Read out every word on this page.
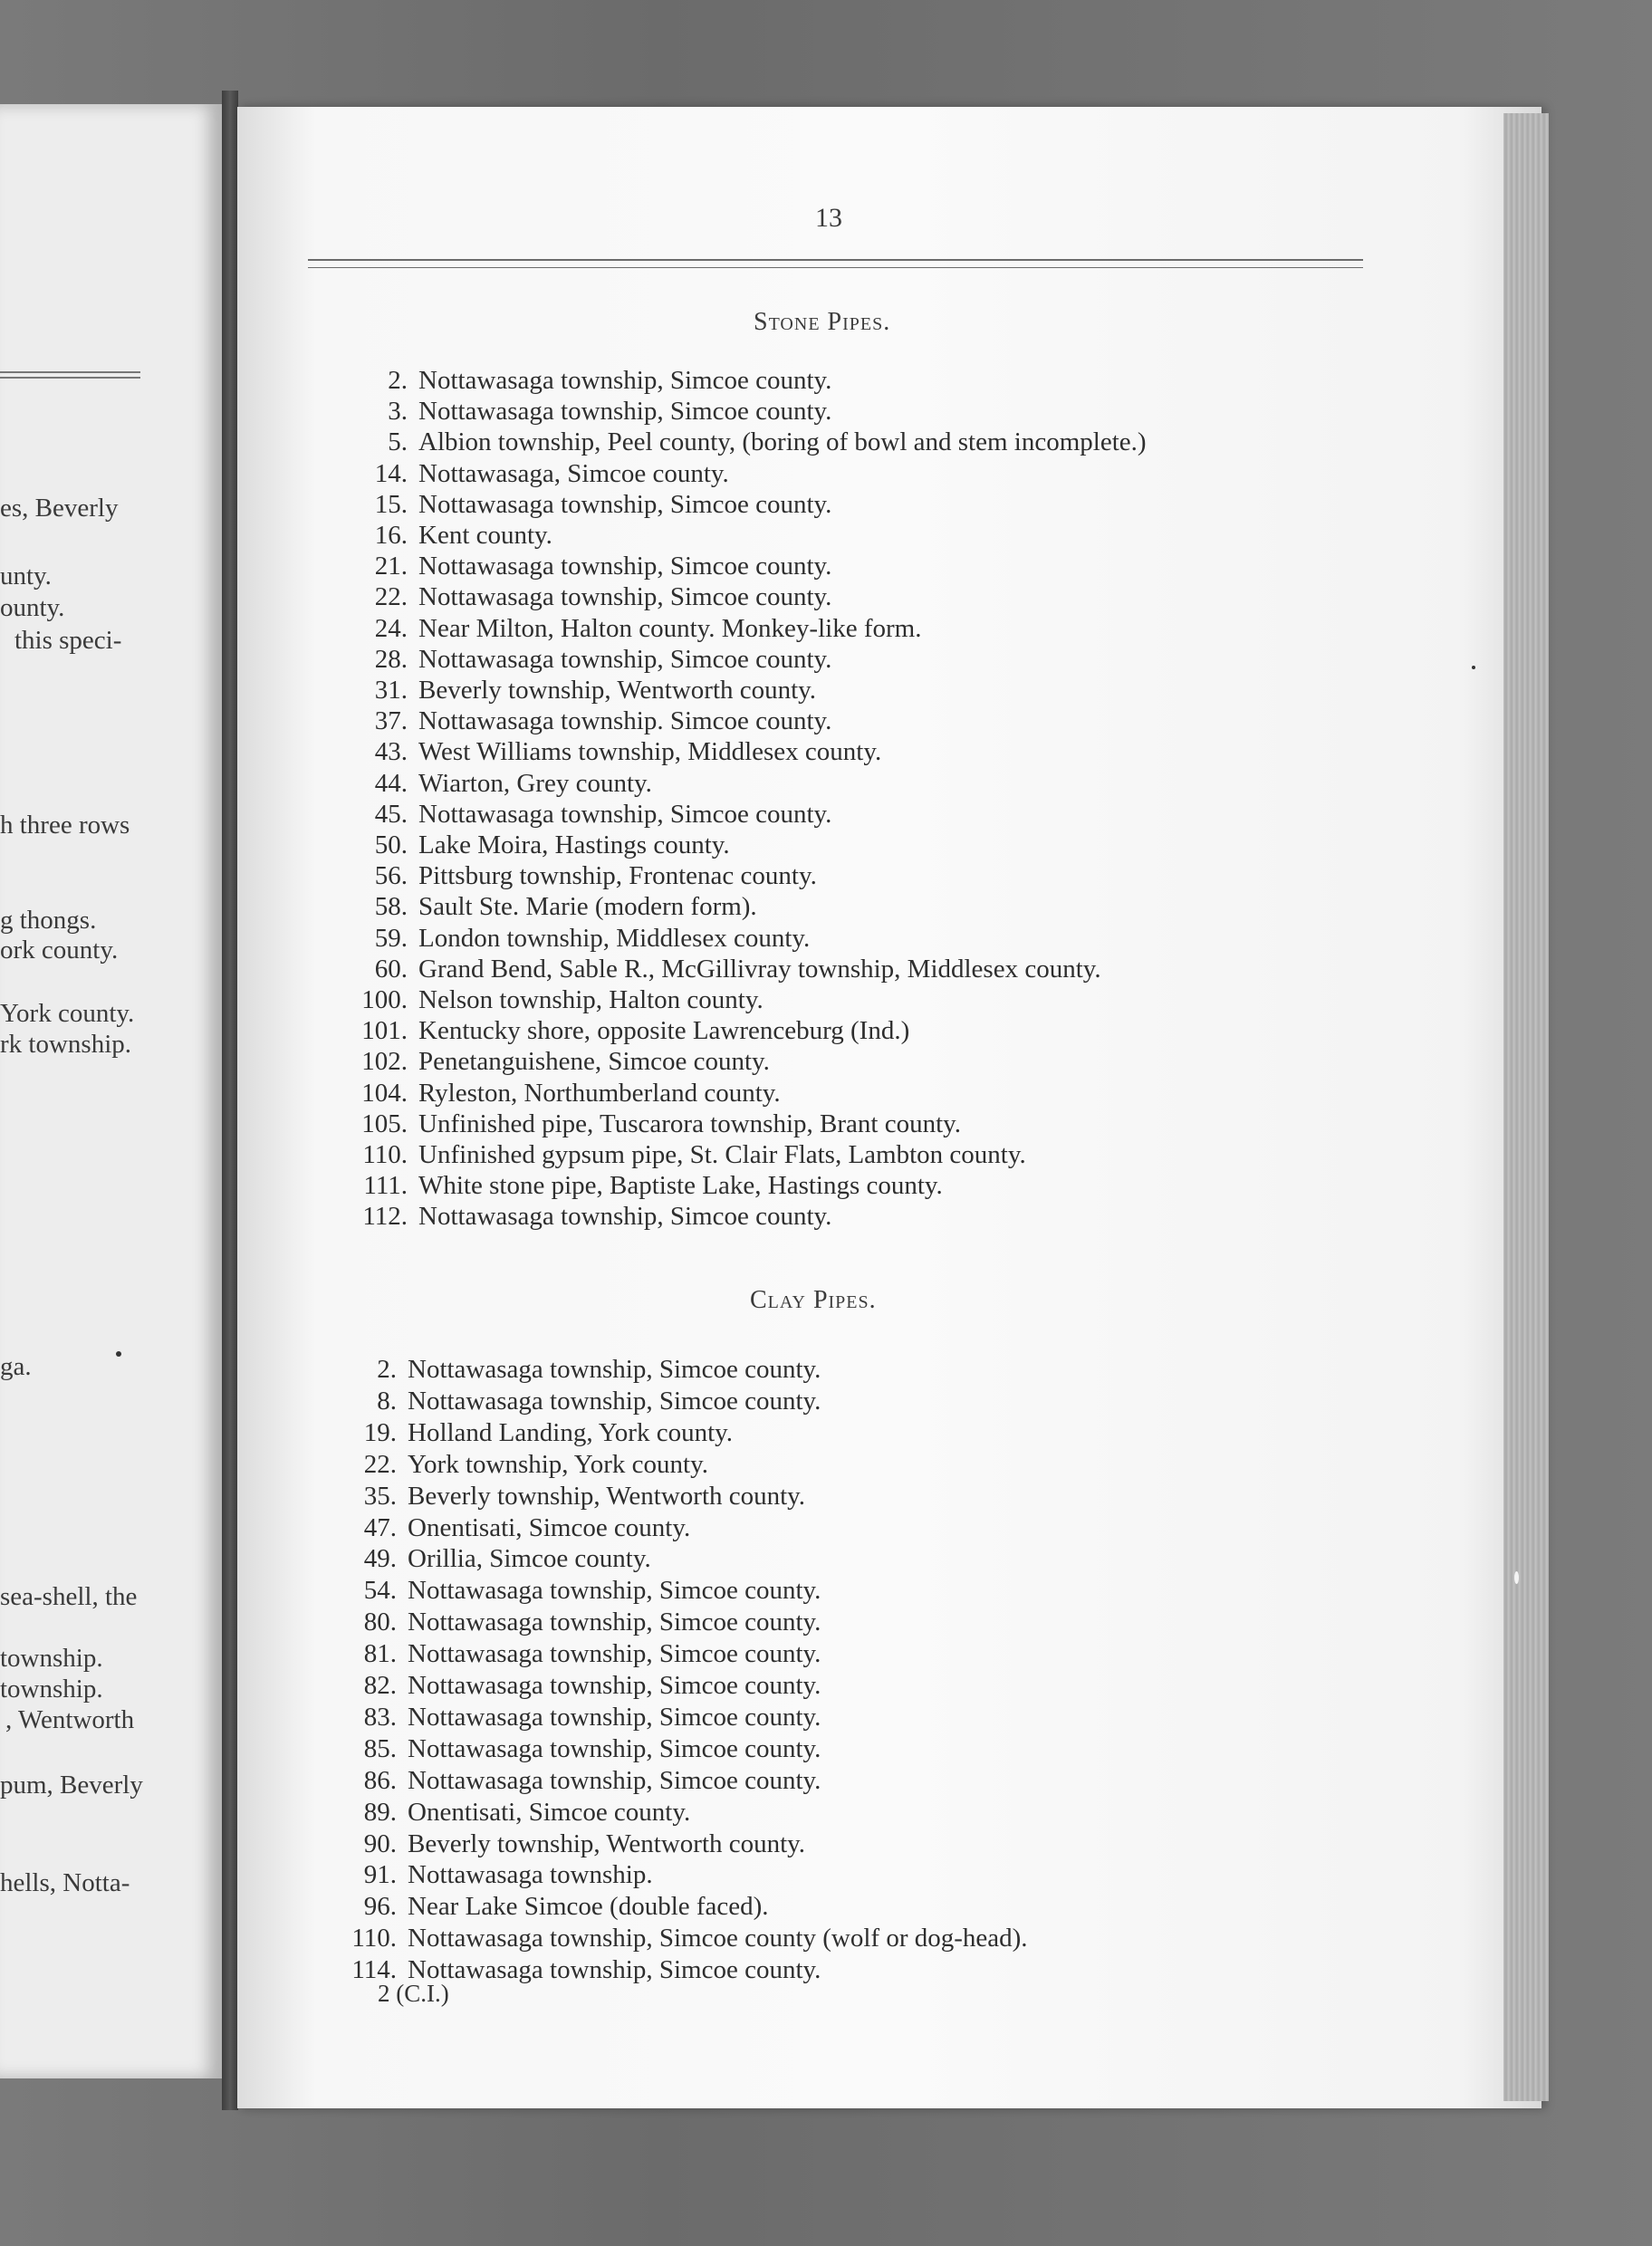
es, Beverly
unty.
ounty.
this speci-
h three rows
g thongs.
ork county.
York county.
rk township.
ga.
sea-shell, the
township.
township.
, Wentworth
pum, Beverly
hells, Notta-
13
Stone Pipes.
2. Nottawasaga township, Simcoe county.
3. Nottawasaga township, Simcoe county.
5. Albion township, Peel county, (boring of bowl and stem incomplete.)
14. Nottawasaga, Simcoe county.
15. Nottawasaga township, Simcoe county.
16. Kent county.
21. Nottawasaga township, Simcoe county.
22. Nottawasaga township, Simcoe county.
24. Near Milton, Halton county. Monkey-like form.
28. Nottawasaga township, Simcoe county.
31. Beverly township, Wentworth county.
37. Nottawasaga township. Simcoe county.
43. West Williams township, Middlesex county.
44. Wiarton, Grey county.
45. Nottawasaga township, Simcoe county.
50. Lake Moira, Hastings county.
56. Pittsburg township, Frontenac county.
58. Sault Ste. Marie (modern form).
59. London township, Middlesex county.
60. Grand Bend, Sable R., McGillivray township, Middlesex county.
100. Nelson township, Halton county.
101. Kentucky shore, opposite Lawrenceburg (Ind.)
102. Penetanguishene, Simcoe county.
104. Ryleston, Northumberland county.
105. Unfinished pipe, Tuscarora township, Brant county.
110. Unfinished gypsum pipe, St. Clair Flats, Lambton county.
111. White stone pipe, Baptiste Lake, Hastings county.
112. Nottawasaga township, Simcoe county.
Clay Pipes.
2. Nottawasaga township, Simcoe county.
8. Nottawasaga township, Simcoe county.
19. Holland Landing, York county.
22. York township, York county.
35. Beverly township, Wentworth county.
47. Onentisati, Simcoe county.
49. Orillia, Simcoe county.
54. Nottawasaga township, Simcoe county.
80. Nottawasaga township, Simcoe county.
81. Nottawasaga township, Simcoe county.
82. Nottawasaga township, Simcoe county.
83. Nottawasaga township, Simcoe county.
85. Nottawasaga township, Simcoe county.
86. Nottawasaga township, Simcoe county.
89. Onentisati, Simcoe county.
90. Beverly township, Wentworth county.
91. Nottawasaga township.
96. Near Lake Simcoe (double faced).
110. Nottawasaga township, Simcoe county (wolf or dog-head).
114. Nottawasaga township, Simcoe county.
2 (C.I.)
